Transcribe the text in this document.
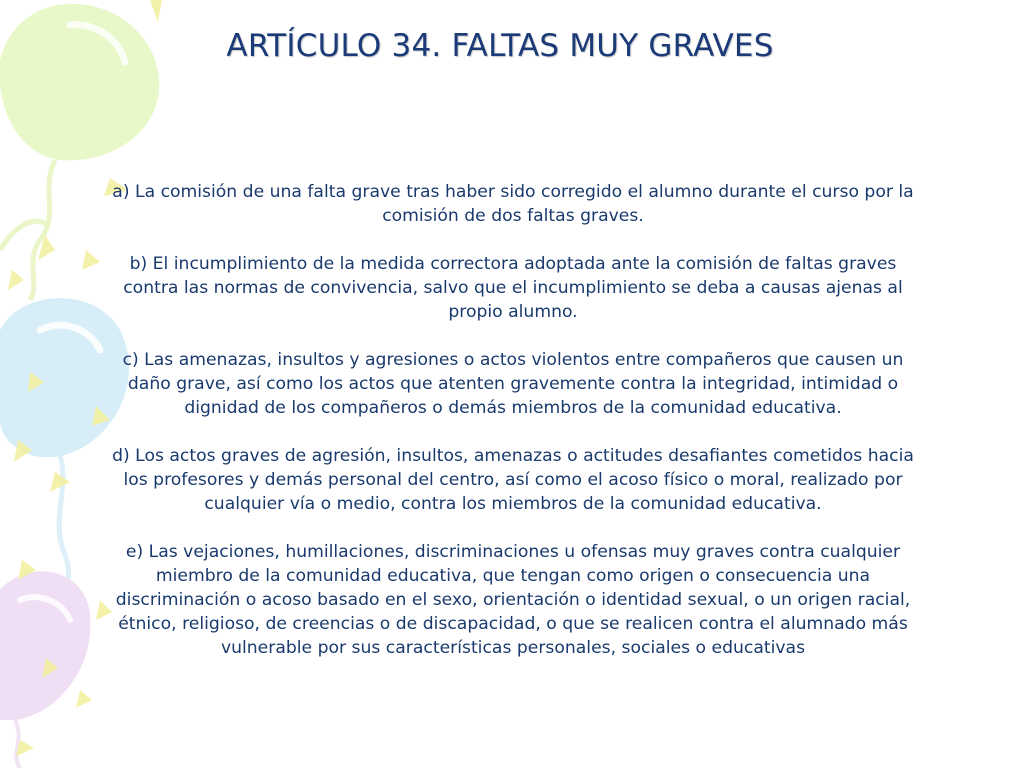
ARTÍCULO 34. FALTAS MUY GRAVES

a) La comisión de una falta grave tras haber sido corregido el alumno durante el curso por la comisión de dos faltas graves.

b) El incumplimiento de la medida correctora adoptada ante la comisión de faltas graves contra las normas de convivencia, salvo que el incumplimiento se deba a causas ajenas al propio alumno.

c) Las amenazas, insultos y agresiones o actos violentos entre compañeros que causen un daño grave, así como los actos que atenten gravemente contra la integridad, intimidad o dignidad de los compañeros o demás miembros de la comunidad educativa.

d) Los actos graves de agresión, insultos, amenazas o actitudes desafiantes cometidos hacia los profesores y demás personal del centro, así como el acoso físico o moral, realizado por cualquier vía o medio, contra los miembros de la comunidad educativa.

e) Las vejaciones, humillaciones, discriminaciones u ofensas muy graves contra cualquier miembro de la comunidad educativa, que tengan como origen o consecuencia una discriminación o acoso basado en el sexo, orientación o identidad sexual, o un origen racial, étnico, religioso, de creencias o de discapacidad, o que se realicen contra el alumnado más vulnerable por sus características personales, sociales o educativas
